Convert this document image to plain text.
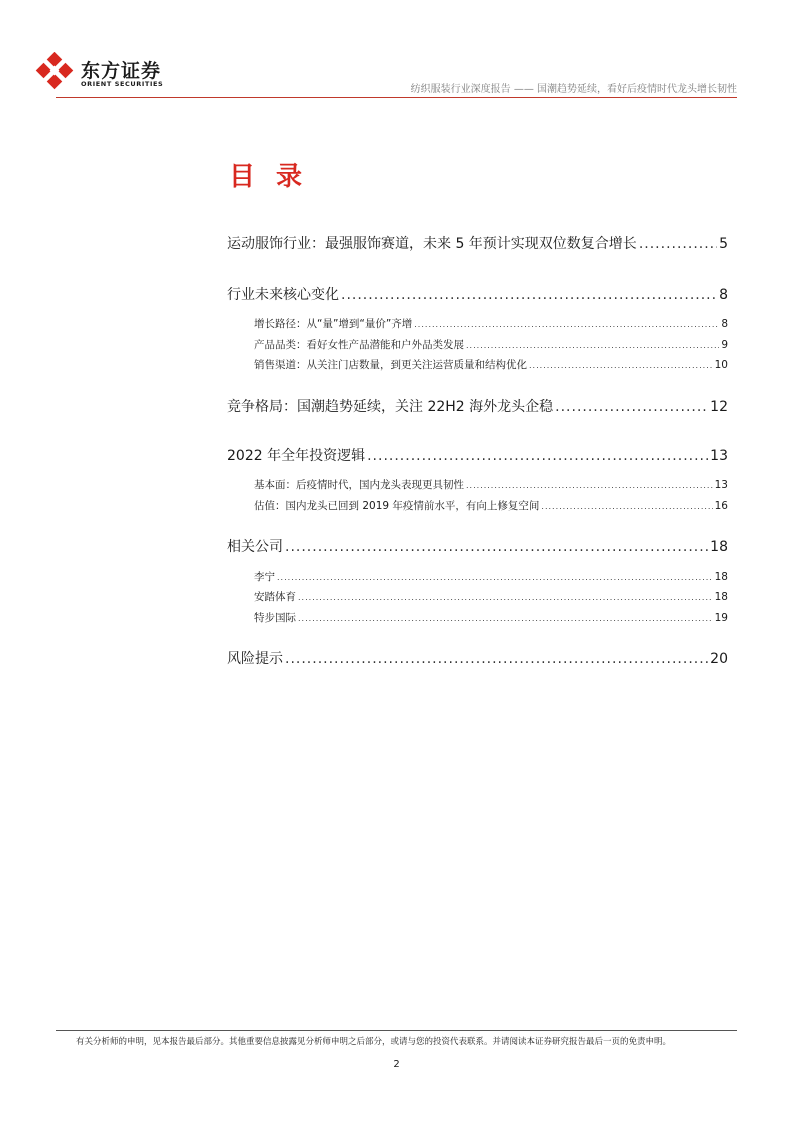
东方证券
ORIENT SECURITIES	纺织服装行业深度报告 —— 国潮趋势延续，看好后疫情时代龙头增长韧性
目 录
运动服饰行业：最强服饰赛道，未来 5 年预计实现双位数复合增长 .....	5
行业未来核心变化 .....	8
增长路径：从“量”增到“量价”齐增 .....	8
产品品类：看好女性产品潜能和户外品类发展 .....	9
销售渠道：从关注门店数量，到更关注运营质量和结构优化 .....	10
竞争格局：国潮趋势延续，关注 22H2 海外龙头企稳 .....	12
2022 年全年投资逻辑 .....	13
基本面：后疫情时代，国内龙头表现更具韧性 .....	13
估值：国内龙头已回到 2019 年疫情前水平，有向上修复空间 .....	16
相关公司 .....	18
李宁 .....	18
安踏体育 .....	18
特步国际 .....	19
风险提示 .....	20
有关分析师的申明，见本报告最后部分。其他重要信息披露见分析师申明之后部分，或请与您的投资代表联系。并请阅读本证券研究报告最后一页的免责申明。
2
